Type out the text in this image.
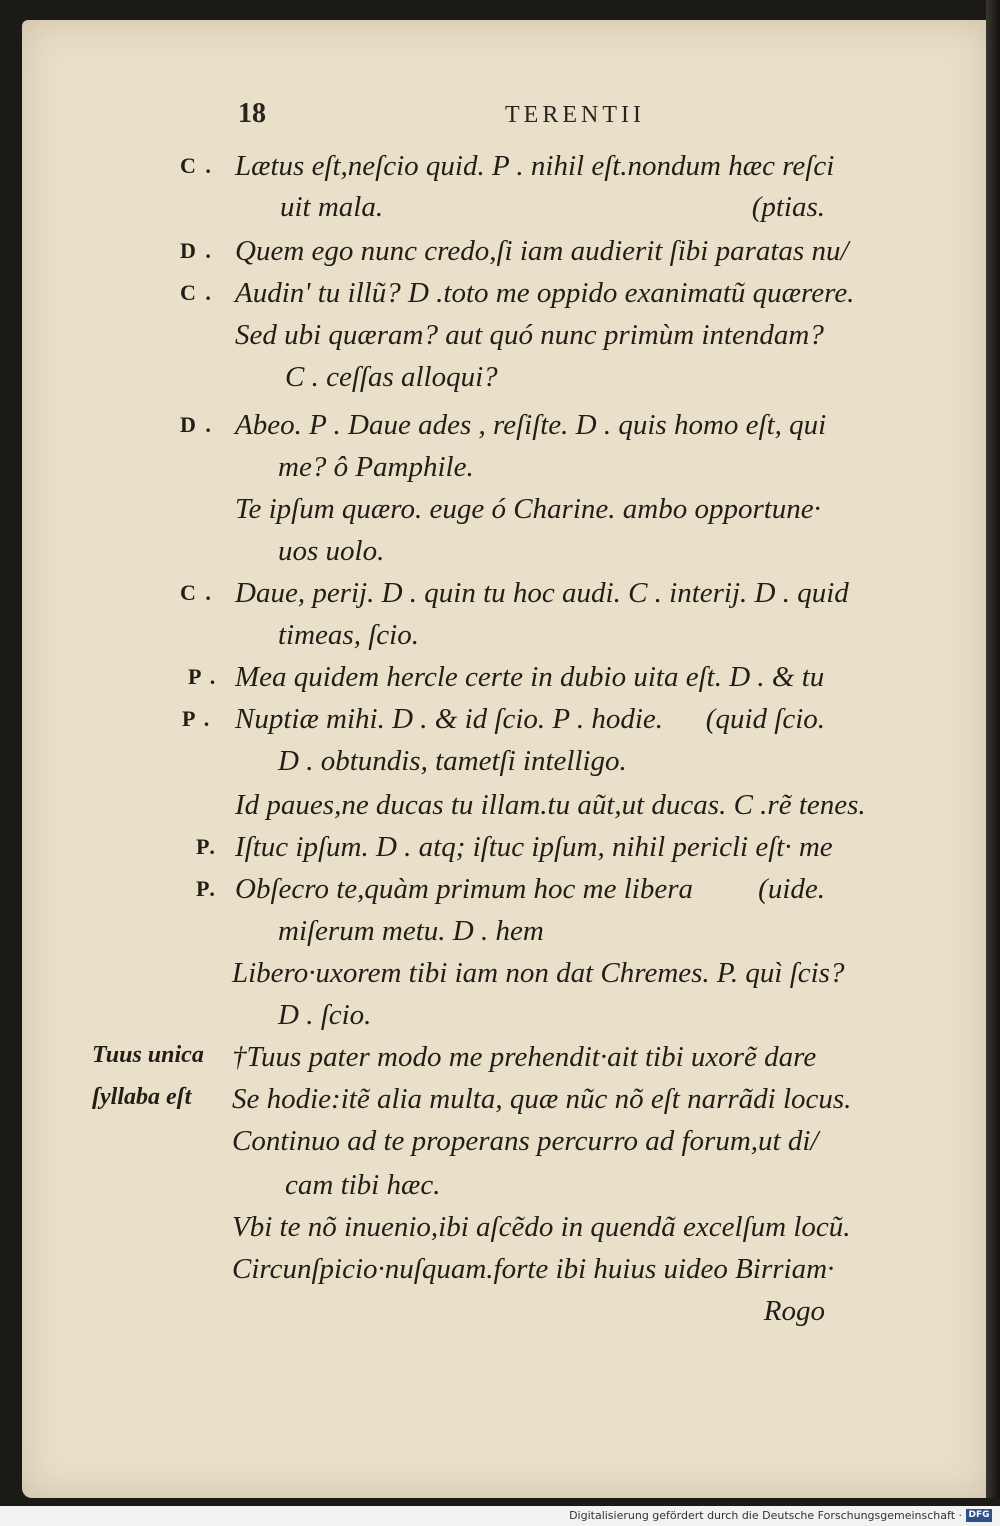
18	TERENTII
C . Lætus eſt,neſcio quid. P . nihil eſt.nondum hæc reſci
uit mala.	(ptias.
D . Quem ego nunc credo,ſi iam audierit ſibi paratas nu/
C . Audin' tu illũ? D .toto me oppido exanimatũ quærere.
Sed ubi quæram? aut quó nunc primùm intendam?
C . ceſſas alloqui?
D . Abeo. P . Daue ades , reſiſte. D . quis homo eſt, qui
me? ô Pamphile.
Te ipſum quæro. euge ó Charine. ambo opportune·
uos uolo.
C . Daue, perij. D . quin tu hoc audi. C . interij. D . quid
timeas, ſcio.
P . Mea quidem hercle certe in dubio uita eſt. D . & tu
P . Nuptiæ mihi. D . & id ſcio. P . hodie. (quid ſcio.
D . obtundis, tametſi intelligo.
Id paues,ne ducas tu illam.tu aũt,ut ducas. C .rẽ tenes.
P. Iſtuc ipſum. D . atq; iſtuc ipſum, nihil pericli eſt· me
P. Obſecro te,quàm primum hoc me libera (uide.
miſerum metu. D . hem
Libero·uxorem tibi iam non dat Chremes. P. quì ſcis?
D . ſcio.
†Tuus pater modo me prehendit·ait tibi uxorẽ dare
Se hodie:itẽ alia multa, quæ nũc nõ eſt narrãdi locus.
Continuo ad te properans percurro ad forum,ut di/
cam tibi hæc.
Vbi te nõ inuenio,ibi aſcẽdo in quendã excelſum locũ.
Circunſpicio·nuſquam.forte ibi huius uideo Birriam·
Rogo
Tuus unica
ſyllaba eſt
Digitalisierung gefördert durch die Deutsche Forschungsgemeinschaft · DFG
